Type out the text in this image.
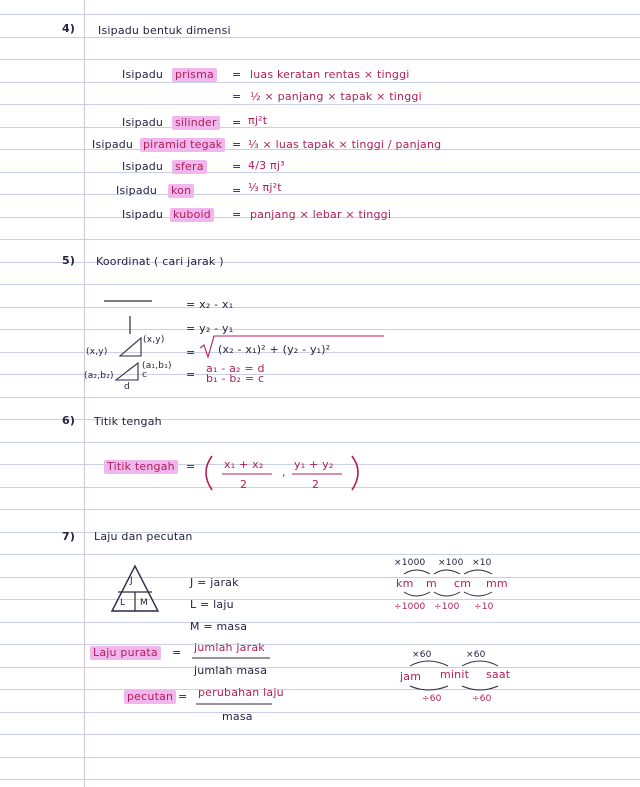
4) Isipadu bentuk dimensi
Isipadu prisma = luas keratan rentas × tinggi
= ½ × panjang × tapak × tinggi
Isipadu silinder = πj²t
Isipadu piramid tegak = ⅓ × luas tapak × tinggi / panjang
Isipadu sfera	= 4/3 πj³
Isipadu kon	= ⅓ πj²t
Isipadu kuboid = panjang × lebar × tinggi
5) Koordinat ( cari jarak )
= x₂ - x₁
= y₂ - y₁
= (x₂ - x₁)² + (y₂ - y₁)²
(x,y)
(x,y)
(a₁,b₁)
(a₂,b₂)	c
d
= a₁ - a₂ = d
b₁ - b₂ = c
6) Titik tengah
Titik tengah =	x₁ + x₂
2
,
y₁ + y₂
2
7) Laju dan pecutan
J
L M
J = jarak
L = laju
M = masa
×1000 ×100 ×10
km m cm mm
÷1000 ÷100 ÷10
Laju purata = jumlah jarak
jumlah masa
pecutan = perubahan laju
masa
×60	×60
jam minit saat
÷60	÷60
